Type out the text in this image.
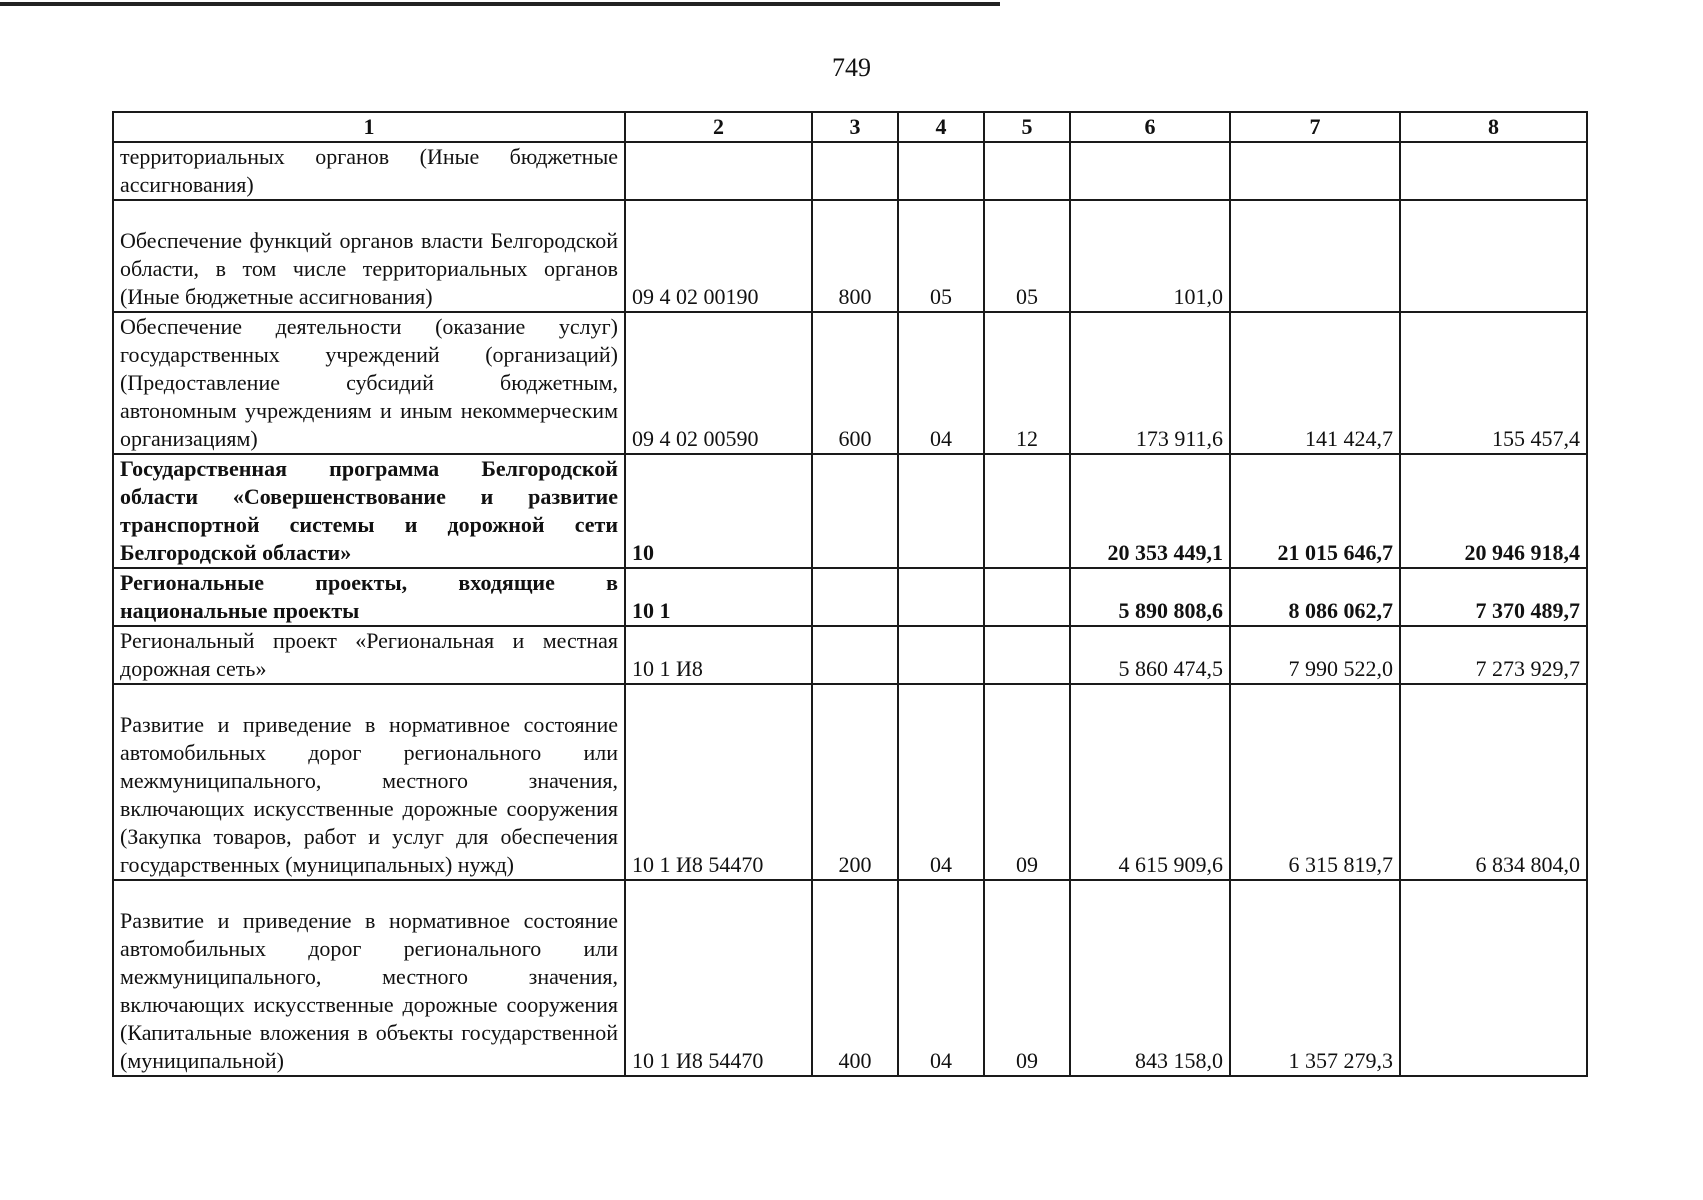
749
1	2	3	4	5	6	7	8
территориальных органов (Иные бюджетные ассигнования)							
Обеспечение функций органов власти Белгородской области, в том числе территориальных органов (Иные бюджетные ассигнования)	09 4 02 00190	800	05	05	101,0		
Обеспечение деятельности (оказание услуг) государственных учреждений (организаций) (Предоставление субсидий бюджетным, автономным учреждениям и иным некоммерческим организациям)	09 4 02 00590	600	04	12	173 911,6	141 424,7	155 457,4
Государственная программа Белгородской области «Совершенствование и развитие транспортной системы и дорожной сети Белгородской области»	10				20 353 449,1	21 015 646,7	20 946 918,4
Региональные проекты, входящие в национальные проекты	10 1				5 890 808,6	8 086 062,7	7 370 489,7
Региональный проект «Региональная и местная дорожная сеть»	10 1 И8				5 860 474,5	7 990 522,0	7 273 929,7
Развитие и приведение в нормативное состояние автомобильных дорог регионального или межмуниципального, местного значения, включающих искусственные дорожные сооружения (Закупка товаров, работ и услуг для обеспечения государственных (муниципальных) нужд)	10 1 И8 54470	200	04	09	4 615 909,6	6 315 819,7	6 834 804,0
Развитие и приведение в нормативное состояние автомобильных дорог регионального или межмуниципального, местного значения, включающих искусственные дорожные сооружения (Капитальные вложения в объекты государственной (муниципальной)	10 1 И8 54470	400	04	09	843 158,0	1 357 279,3	
